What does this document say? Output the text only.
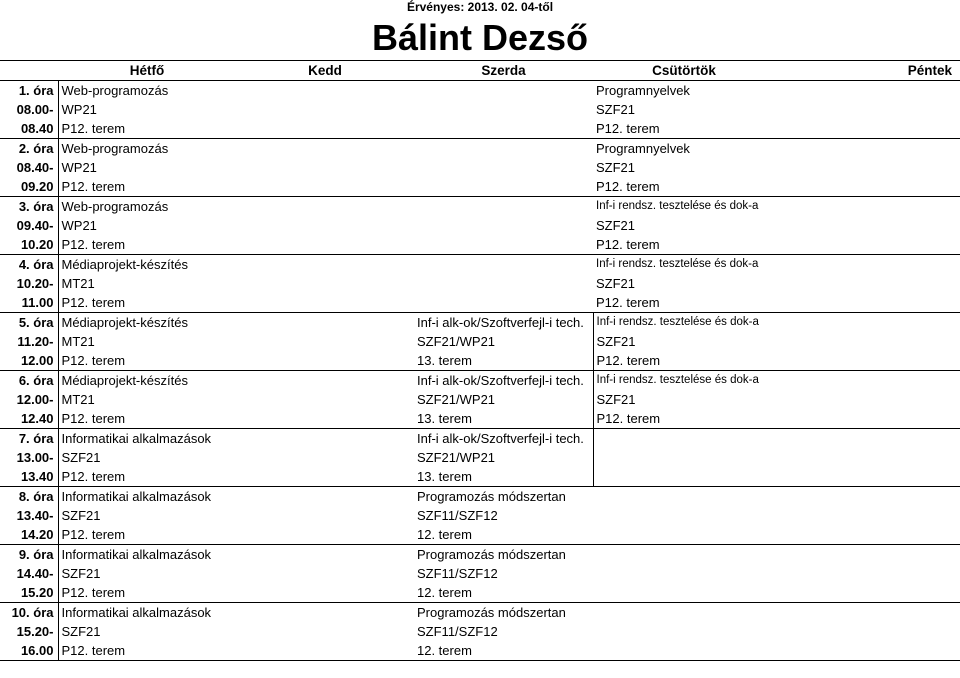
Érvényes: 2013. 02. 04-től
Bálint Dezső
	Hétfő	Kedd	Szerda	Csütörtök	Péntek
1. óra	Web-programozás			Programnyelvek	
08.00-	WP21			SZF21	
08.40	P12. terem			P12. terem	
2. óra	Web-programozás			Programnyelvek	
08.40-	WP21			SZF21	
09.20	P12. terem			P12. terem	
3. óra	Web-programozás			Inf-i rendsz. tesztelése és dok-a	
09.40-	WP21			SZF21	
10.20	P12. terem			P12. terem	
4. óra	Médiaprojekt-készítés			Inf-i rendsz. tesztelése és dok-a	
10.20-	MT21			SZF21	
11.00	P12. terem			P12. terem	
5. óra	Médiaprojekt-készítés		Inf-i alk-ok/Szoftverfejl-i tech.	Inf-i rendsz. tesztelése és dok-a	
11.20-	MT21		SZF21/WP21	SZF21	
12.00	P12. terem		13. terem	P12. terem	
6. óra	Médiaprojekt-készítés		Inf-i alk-ok/Szoftverfejl-i tech.	Inf-i rendsz. tesztelése és dok-a	
12.00-	MT21		SZF21/WP21	SZF21	
12.40	P12. terem		13. terem	P12. terem	
7. óra	Informatikai alkalmazások		Inf-i alk-ok/Szoftverfejl-i tech.		
13.00-	SZF21		SZF21/WP21		
13.40	P12. terem		13. terem		
8. óra	Informatikai alkalmazások		Programozás módszertan		
13.40-	SZF21		SZF11/SZF12		
14.20	P12. terem		12. terem		
9. óra	Informatikai alkalmazások		Programozás módszertan		
14.40-	SZF21		SZF11/SZF12		
15.20	P12. terem		12. terem		
10. óra	Informatikai alkalmazások		Programozás módszertan		
15.20-	SZF21		SZF11/SZF12		
16.00	P12. terem		12. terem		
